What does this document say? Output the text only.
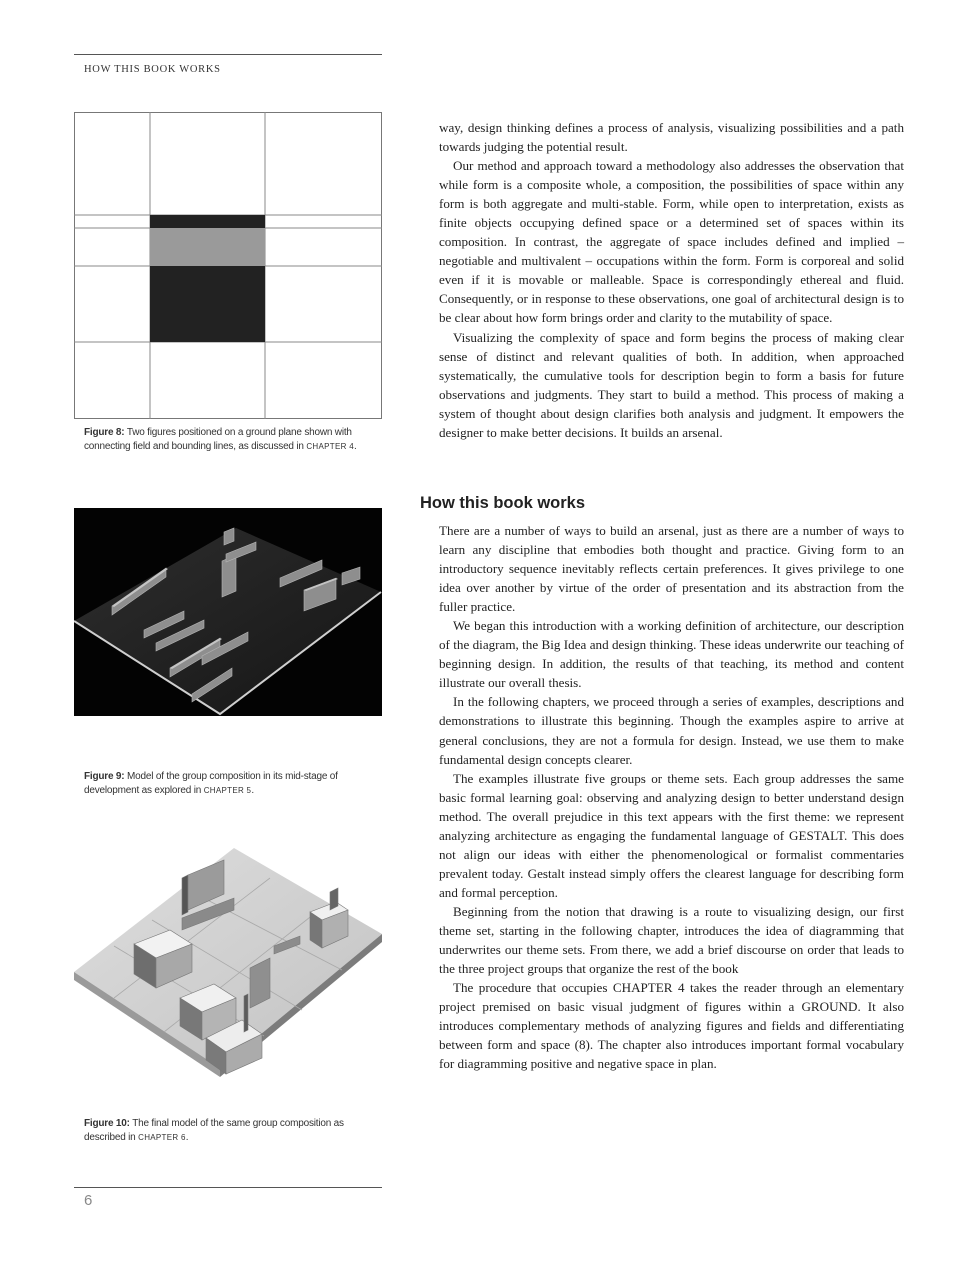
HOW THIS BOOK WORKS
Figure 8: Two figures positioned on a ground plane shown with connecting field and bounding lines, as discussed in CHAPTER 4.
Figure 9: Model of the group composition in its mid-stage of development as explored in CHAPTER 5.
Figure 10: The final model of the same group composition as described in CHAPTER 6.

way, design thinking defines a process of analysis, visualizing possibilities and a path towards judging the potential result.

Our method and approach toward a methodology also addresses the observation that while form is a composite whole, a composition, the possibilities of space within any form is both aggregate and multi-stable. Form, while open to interpretation, exists as finite objects occupying defined space or a determined set of spaces within its composition. In contrast, the aggregate of space includes defined and implied – negotiable and multivalent – occupations within the form. Form is corporeal and solid even if it is movable or malleable. Space is correspondingly ethereal and fluid. Consequently, or in response to these observations, one goal of architectural design is to be clear about how form brings order and clarity to the mutability of space.

Visualizing the complexity of space and form begins the process of making clear sense of distinct and relevant qualities of both. In addition, when approached systematically, the cumulative tools for description begin to form a basis for future observations and judgments. They start to build a method. This process of making a system of thought about design clarifies both analysis and judgment. It empowers the designer to make better decisions. It builds an arsenal.

How this book works

There are a number of ways to build an arsenal, just as there are a number of ways to learn any discipline that embodies both thought and practice. Giving form to an introductory sequence inevitably reflects certain preferences. It gives privilege to one idea over another by virtue of the order of presentation and its abstraction from the fuller practice.

We began this introduction with a working definition of architecture, our description of the diagram, the Big Idea and design thinking. These ideas underwrite our teaching of beginning design. In addition, the results of that teaching, its method and content illustrate our overall thesis.

In the following chapters, we proceed through a series of examples, descriptions and demonstrations to illustrate this beginning. Though the examples aspire to arrive at general conclusions, they are not a formula for design. Instead, we use them to make fundamental design concepts clearer.

The examples illustrate five groups or theme sets. Each group addresses the same basic formal learning goal: observing and analyzing design to better understand design method. The overall prejudice in this text appears with the first theme: we represent analyzing architecture as engaging the fundamental language of GESTALT. This does not align our ideas with either the phenomenological or formalist commentaries prevalent today. Gestalt instead simply offers the clearest language for describing form and formal perception.

Beginning from the notion that drawing is a route to visualizing design, our first theme set, starting in the following chapter, introduces the idea of diagramming that underwrites our theme sets. From there, we add a brief discourse on order that leads to the three project groups that organize the rest of the book

The procedure that occupies CHAPTER 4 takes the reader through an elementary project premised on basic visual judgment of figures within a GROUND. It also introduces complementary methods of analyzing figures and fields and differentiating between form and space (8). The chapter also introduces important formal vocabulary for diagramming positive and negative space in plan.

6
